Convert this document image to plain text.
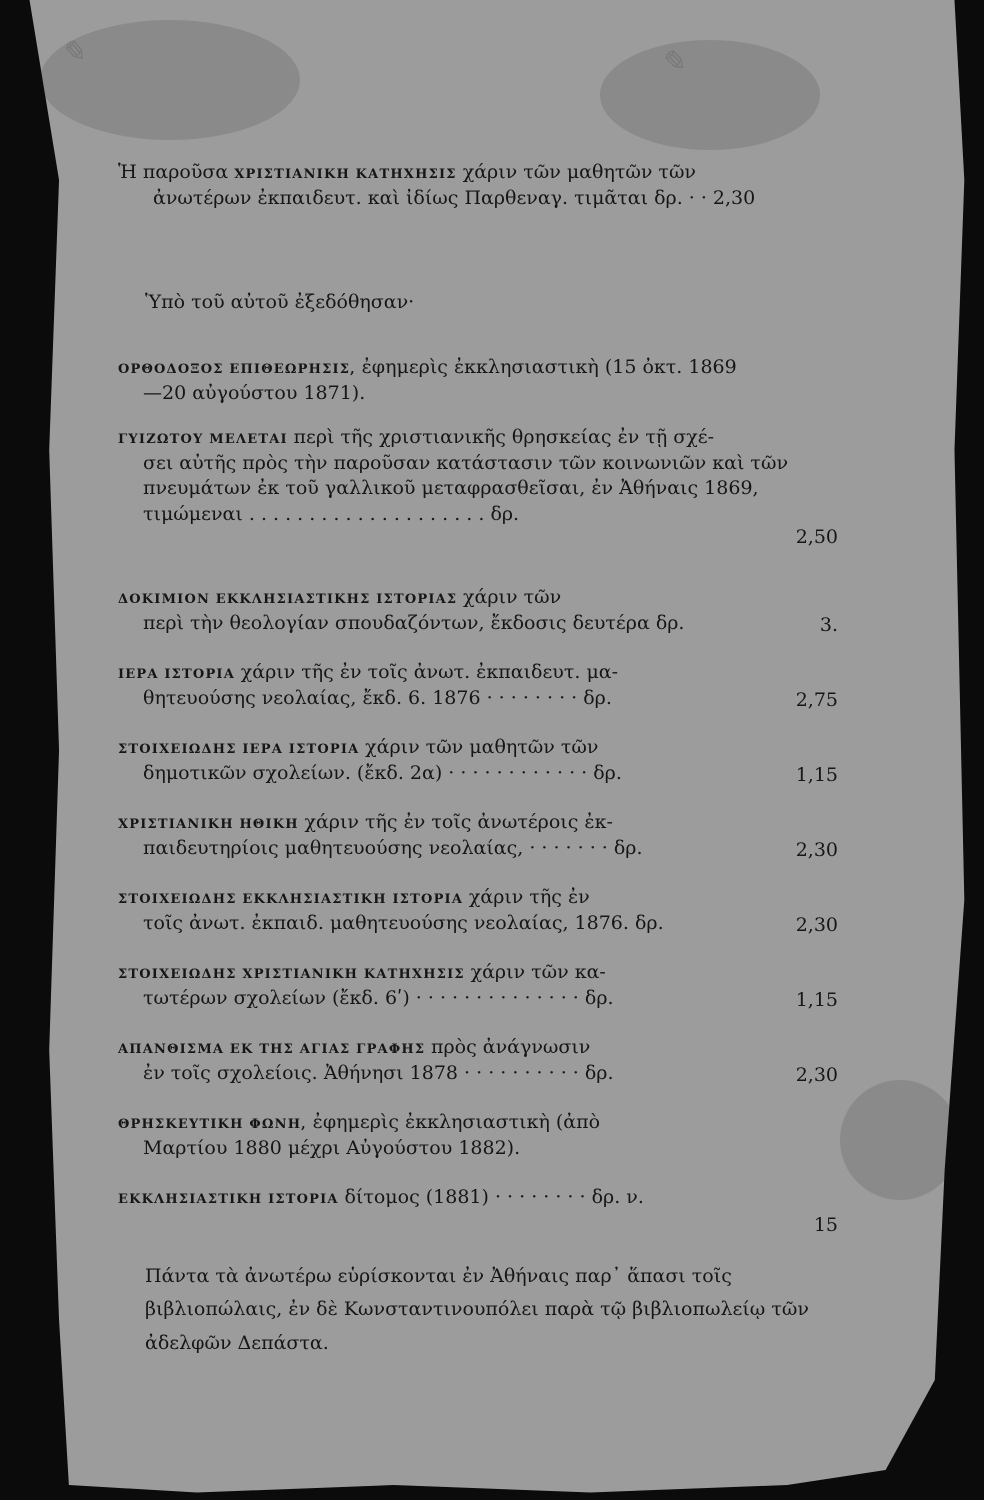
✎	✎
Ἡ παροῦσα ΧΡΙΣΤΙΑΝΙΚΗ ΚΑΤΗΧΗΣΙΣ χάριν τῶν μαθητῶν τῶν
ἀνωτέρων ἐκπαιδευτ. καὶ ἰδίως Παρθεναγ. τιμᾶται δρ. · · 2,30
Ὑπὸ τοῦ αὐτοῦ ἐξεδόθησαν·
ΟΡΘΟΔΟΞΟΣ ΕΠΙΘΕΩΡΗΣΙΣ, ἐφημερὶς ἐκκλησιαστικὴ (15 ὀκτ. 1869
—20 αὐγούστου 1871).
ΓΥΙΖΩΤΟΥ ΜΕΛΕΤΑΙ περὶ τῆς χριστιανικῆς θρησκείας ἐν τῇ σχέ-
σει αὐτῆς πρὸς τὴν παροῦσαν κατάστασιν τῶν κοινωνιῶν καὶ τῶν πνευμάτων ἐκ τοῦ γαλλικοῦ μεταφρασθεῖσαι, ἐν Ἀθήναις 1869, τιμώμεναι . . . . . . . . . . . . . . . . . . . . δρ.
2,50
ΔΟΚΙΜΙΟΝ ΕΚΚΛΗΣΙΑΣΤΙΚΗΣ ΙΣΤΟΡΙΑΣ χάριν τῶν
περὶ τὴν θεολογίαν σπουδαζόντων, ἔκδοσις δευτέρα δρ.	3.
ΙΕΡΑ ΙΣΤΟΡΙΑ χάριν τῆς ἐν τοῖς ἀνωτ. ἐκπαιδευτ. μα-
θητευούσης νεολαίας, ἔκδ. 6. 1876 · · · · · · · · δρ.	2,75
ΣΤΟΙΧΕΙΩΔΗΣ ΙΕΡΑ ΙΣΤΟΡΙΑ χάριν τῶν μαθητῶν τῶν
δημοτικῶν σχολείων. (ἔκδ. 2α) · · · · · · · · · · · · δρ.	1,15
ΧΡΙΣΤΙΑΝΙΚΗ ΗΘΙΚΗ χάριν τῆς ἐν τοῖς ἀνωτέροις ἐκ-
παιδευτηρίοις μαθητευούσης νεολαίας, · · · · · · · δρ.	2,30
ΣΤΟΙΧΕΙΩΔΗΣ ΕΚΚΛΗΣΙΑΣΤΙΚΗ ΙΣΤΟΡΙΑ χάριν τῆς ἐν
τοῖς ἀνωτ. ἐκπαιδ. μαθητευούσης νεολαίας, 1876. δρ.	2,30
ΣΤΟΙΧΕΙΩΔΗΣ ΧΡΙΣΤΙΑΝΙΚΗ ΚΑΤΗΧΗΣΙΣ χάριν τῶν κα-
τωτέρων σχολείων (ἔκδ. 6ʹ) · · · · · · · · · · · · · · δρ.	1,15
ΑΠΑΝΘΙΣΜΑ ΕΚ ΤΗΣ ΑΓΙΑΣ ΓΡΑΦΗΣ πρὸς ἀνάγνωσιν
ἐν τοῖς σχολείοις. Ἀθήνησι 1878 · · · · · · · · · · δρ.	2,30
ΘΡΗΣΚΕΥΤΙΚΗ ΦΩΝΗ, ἐφημερὶς ἐκκλησιαστικὴ (ἀπὸ
Μαρτίου 1880 μέχρι Αὐγούστου 1882).
ΕΚΚΛΗΣΙΑΣΤΙΚΗ ΙΣΤΟΡΙΑ δίτομος (1881) · · · · · · · · δρ. ν.
15
Πάντα τὰ ἀνωτέρω εὑρίσκονται ἐν Ἀθήναις παρ᾽ ἅπασι τοῖς βιβλιοπώλαις, ἐν δὲ Κωνσταντινουπόλει παρὰ τῷ βιβλιοπωλείῳ τῶν ἀδελφῶν Δεπάστα.
